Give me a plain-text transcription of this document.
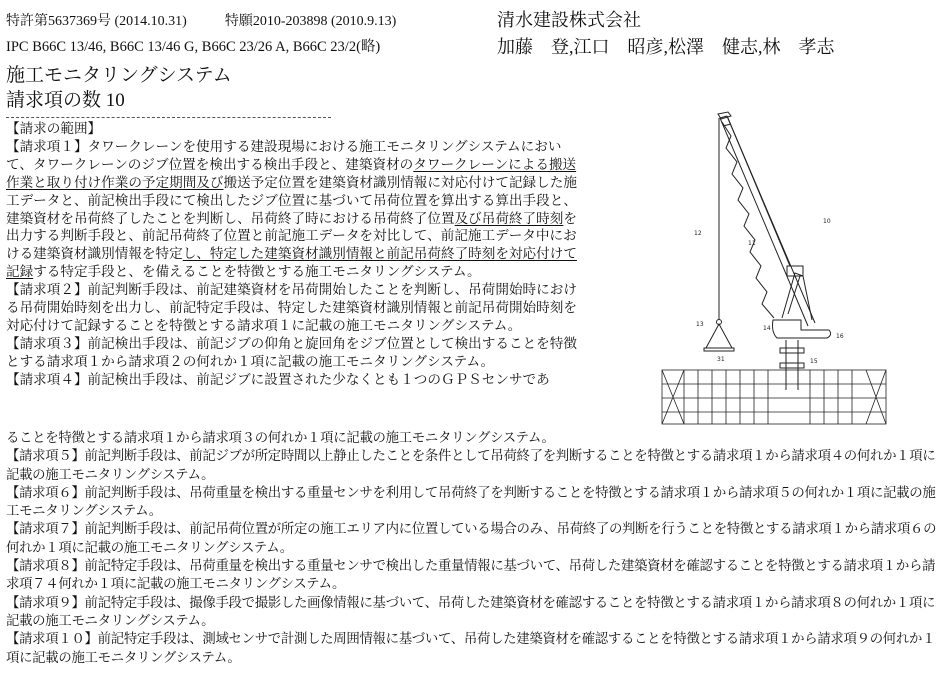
特許第5637369号 (2014.10.31)	特願2010-203898 (2010.9.13)	清水建設株式会社
IPC B66C 13/46, B66C 13/46 G, B66C 23/26 A, B66C 23/2(略)	加藤　登,江口　昭彦,松澤　健志,林　孝志
施工モニタリングシステム
請求項の数 10

【請求の範囲】

【請求項１】タワークレーンを使用する建設現場における施工モニタリングシステムにおいて、タワークレーンのジブ位置を検出する検出手段と、建築資材のタワークレーンによる搬送作業と取り付け作業の予定期間及び搬送予定位置を建築資材識別情報に対応付けて記録した施工データと、前記検出手段にて検出したジブ位置に基づいて吊荷位置を算出する算出手段と、建築資材を吊荷終了したことを判断し、吊荷終了時における吊荷終了位置及び吊荷終了時刻を出力する判断手段と、前記吊荷終了位置と前記施工データを対比して、前記施工データ中における建築資材識別情報を特定し、特定した建築資材識別情報と前記吊荷終了時刻を対応付けて記録する特定手段と、を備えることを特徴とする施工モニタリングシステム。

【請求項２】前記判断手段は、前記建築資材を吊荷開始したことを判断し、吊荷開始時における吊荷開始時刻を出力し、前記特定手段は、特定した建築資材識別情報と前記吊荷開始時刻を対応付けて記録することを特徴とする請求項１に記載の施工モニタリングシステム。

【請求項３】前記検出手段は、前記ジブの仰角と旋回角をジブ位置として検出することを特徴とする請求項１から請求項２の何れか１項に記載の施工モニタリングシステム。

【請求項４】前記検出手段は、前記ジブに設置された少なくとも１つのＧＰＳセンサであ

10
11
12
13
14
15
16
31

ることを特徴とする請求項１から請求項３の何れか１項に記載の施工モニタリングシステム。

【請求項５】前記判断手段は、前記ジブが所定時間以上静止したことを条件として吊荷終了を判断することを特徴とする請求項１から請求項４の何れか１項に記載の施工モニタリングシステム。

【請求項６】前記判断手段は、吊荷重量を検出する重量センサを利用して吊荷終了を判断することを特徴とする請求項１から請求項５の何れか１項に記載の施工モニタリングシステム。

【請求項７】前記判断手段は、前記吊荷位置が所定の施工エリア内に位置している場合のみ、吊荷終了の判断を行うことを特徴とする請求項１から請求項６の何れか１項に記載の施工モニタリングシステム。

【請求項８】前記特定手段は、吊荷重量を検出する重量センサで検出した重量情報に基づいて、吊荷した建築資材を確認することを特徴とする請求項１から請求項７４何れか１項に記載の施工モニタリングシステム。

【請求項９】前記特定手段は、撮像手段で撮影した画像情報に基づいて、吊荷した建築資材を確認することを特徴とする請求項１から請求項８の何れか１項に記載の施工モニタリングシステム。

【請求項１０】前記特定手段は、測域センサで計測した周囲情報に基づいて、吊荷した建築資材を確認することを特徴とする請求項１から請求項９の何れか１項に記載の施工モニタリングシステム。
